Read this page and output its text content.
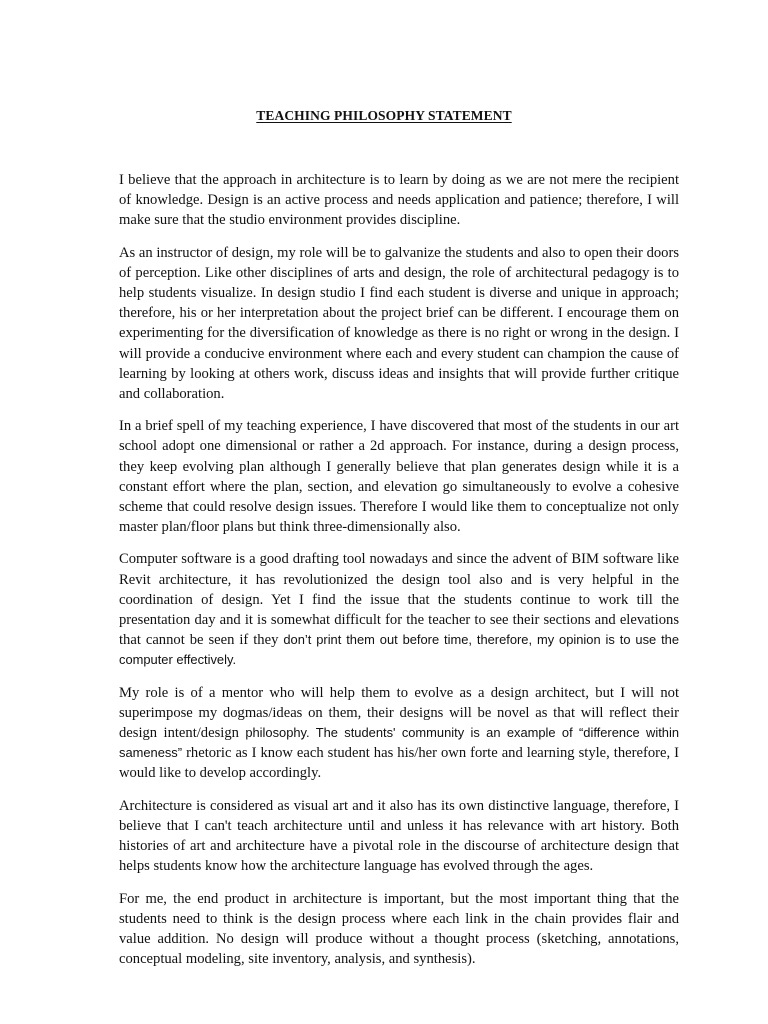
TEACHING PHILOSOPHY STATEMENT

I believe that the approach in architecture is to learn by doing as we are not mere the recipient of knowledge. Design is an active process and needs application and patience; therefore, I will make sure that the studio environment provides discipline.

As an instructor of design, my role will be to galvanize the students and also to open their doors of perception. Like other disciplines of arts and design, the role of architectural pedagogy is to help students visualize. In design studio I find each student is diverse and unique in approach; therefore, his or her interpretation about the project brief can be different. I encourage them on experimenting for the diversification of knowledge as there is no right or wrong in the design. I will provide a conducive environment where each and every student can champion the cause of learning by looking at others work, discuss ideas and insights that will provide further critique and collaboration.

In a brief spell of my teaching experience, I have discovered that most of the students in our art school adopt one dimensional or rather a 2d approach. For instance, during a design process, they keep evolving plan although I generally believe that plan generates design while it is a constant effort where the plan, section, and elevation go simultaneously to evolve a cohesive scheme that could resolve design issues. Therefore I would like them to conceptualize not only master plan/floor plans but think three-dimensionally also.

Computer software is a good drafting tool nowadays and since the advent of BIM software like Revit architecture, it has revolutionized the design tool also and is very helpful in the coordination of design. Yet I find the issue that the students continue to work till the presentation day and it is somewhat difficult for the teacher to see their sections and elevations that cannot be seen if they don’t print them out before time, therefore, my opinion is to use the computer effectively.

My role is of a mentor who will help them to evolve as a design architect, but I will not superimpose my dogmas/ideas on them, their designs will be novel as that will reflect their design intent/design philosophy. The students' community is an example of “difference within sameness” rhetoric as I know each student has his/her own forte and learning style, therefore, I would like to develop accordingly.

Architecture is considered as visual art and it also has its own distinctive language, therefore, I believe that I can't teach architecture until and unless it has relevance with art history. Both histories of art and architecture have a pivotal role in the discourse of architecture design that helps students know how the architecture language has evolved through the ages.

For me, the end product in architecture is important, but the most important thing that the students need to think is the design process where each link in the chain provides flair and value addition. No design will produce without a thought process (sketching, annotations, conceptual modeling, site inventory, analysis, and synthesis).
